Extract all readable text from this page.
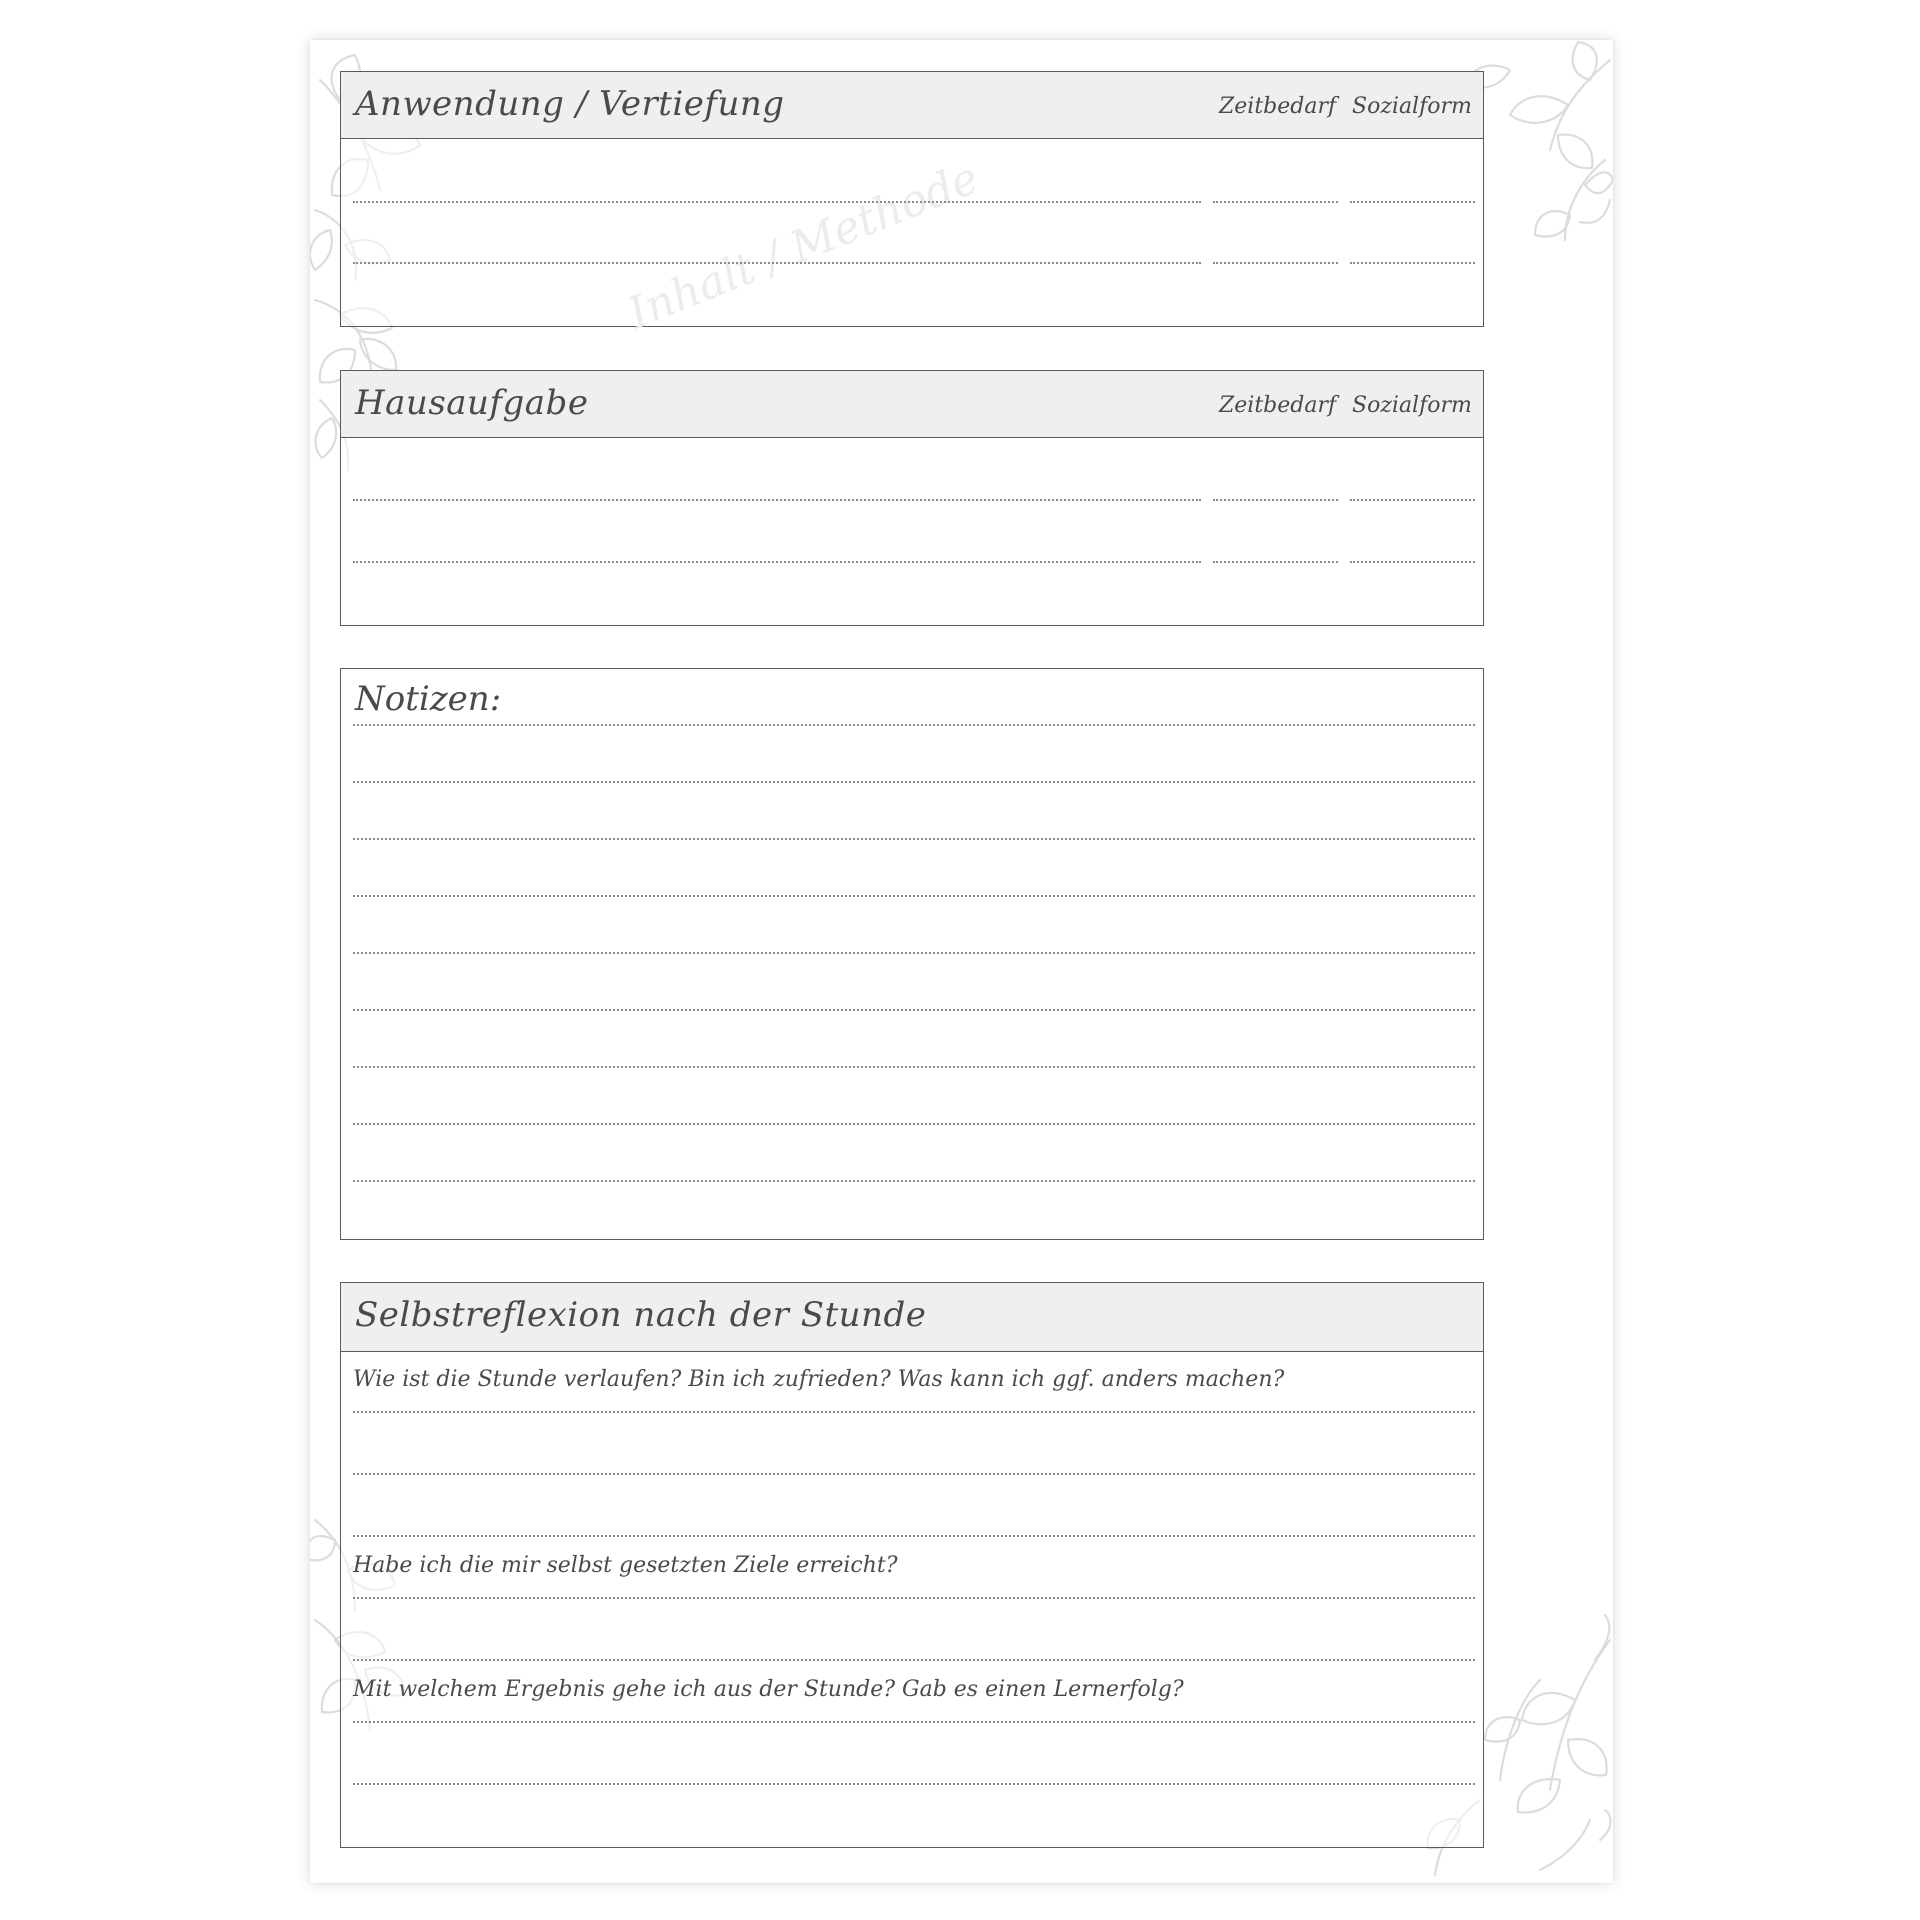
Anwendung / Vertiefung	Zeitbedarf Sozialform
Inhalt / Methode
Hausaufgabe	Zeitbedarf Sozialform
Notizen:
Selbstreflexion nach der Stunde
Wie ist die Stunde verlaufen? Bin ich zufrieden? Was kann ich ggf. anders machen?
Habe ich die mir selbst gesetzten Ziele erreicht?
Mit welchem Ergebnis gehe ich aus der Stunde? Gab es einen Lernerfolg?
